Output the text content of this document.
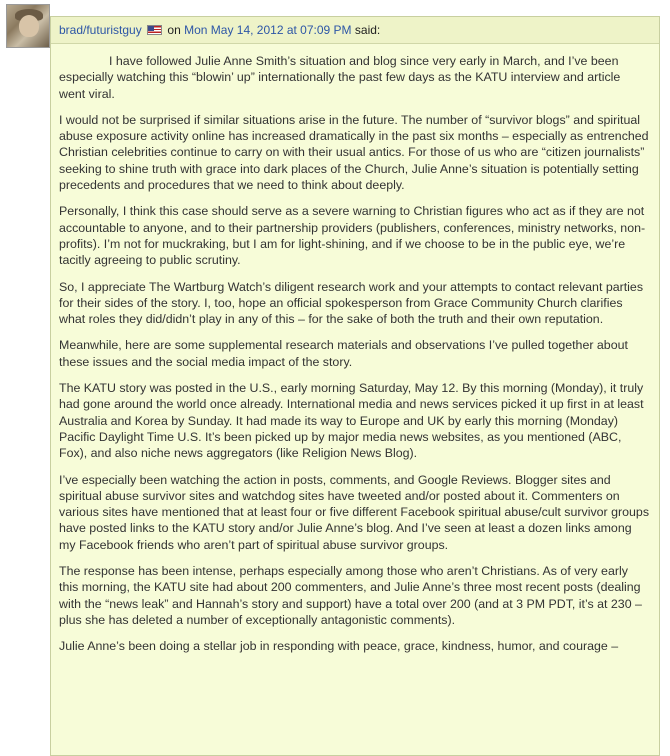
brad/futuristguy on Mon May 14, 2012 at 07:09 PM said:

I have followed Julie Anne Smith’s situation and blog since very early in March, and I’ve been especially watching this “blowin’ up” internationally the past few days as the KATU interview and article went viral.

I would not be surprised if similar situations arise in the future. The number of “survivor blogs” and spiritual abuse exposure activity online has increased dramatically in the past six months – especially as entrenched Christian celebrities continue to carry on with their usual antics. For those of us who are “citizen journalists” seeking to shine truth with grace into dark places of the Church, Julie Anne’s situation is potentially setting precedents and procedures that we need to think about deeply.

Personally, I think this case should serve as a severe warning to Christian figures who act as if they are not accountable to anyone, and to their partnership providers (publishers, conferences, ministry networks, non-profits). I’m not for muckraking, but I am for light-shining, and if we choose to be in the public eye, we’re tacitly agreeing to public scrutiny.

So, I appreciate The Wartburg Watch’s diligent research work and your attempts to contact relevant parties for their sides of the story. I, too, hope an official spokesperson from Grace Community Church clarifies what roles they did/didn’t play in any of this – for the sake of both the truth and their own reputation.

Meanwhile, here are some supplemental research materials and observations I’ve pulled together about these issues and the social media impact of the story.

The KATU story was posted in the U.S., early morning Saturday, May 12. By this morning (Monday), it truly had gone around the world once already. International media and news services picked it up first in at least Australia and Korea by Sunday. It had made its way to Europe and UK by early this morning (Monday) Pacific Daylight Time U.S. It’s been picked up by major media news websites, as you mentioned (ABC, Fox), and also niche news aggregators (like Religion News Blog).

I’ve especially been watching the action in posts, comments, and Google Reviews. Blogger sites and spiritual abuse survivor sites and watchdog sites have tweeted and/or posted about it. Commenters on various sites have mentioned that at least four or five different Facebook spiritual abuse/cult survivor groups have posted links to the KATU story and/or Julie Anne’s blog. And I’ve seen at least a dozen links among my Facebook friends who aren’t part of spiritual abuse survivor groups.

The response has been intense, perhaps especially among those who aren’t Christians. As of very early this morning, the KATU site had about 200 commenters, and Julie Anne’s three most recent posts (dealing with the “news leak” and Hannah’s story and support) have a total over 200 (and at 3 PM PDT, it’s at 230 – plus she has deleted a number of exceptionally antagonistic comments).

Julie Anne’s been doing a stellar job in responding with peace, grace, kindness, humor, and courage –
